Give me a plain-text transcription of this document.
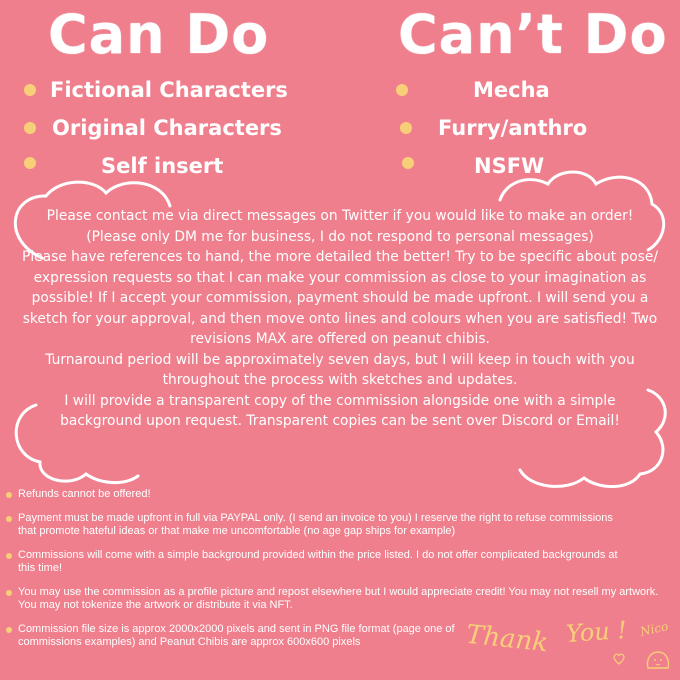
Can Do Can’t Do
Fictional Characters
Original Characters
Self insert
Mecha
Furry/anthro
NSFW

Please contact me via direct messages on Twitter if you would like to make an order! (Please only DM me for business, I do not respond to personal messages)

Please have references to hand, the more detailed the better! Try to be specific about pose/ expression requests so that I can make your commission as close to your imagination as possible! If I accept your commission, payment should be made upfront. I will send you a sketch for your approval, and then move onto lines and colours when you are satisfied! Two revisions MAX are offered on peanut chibis.

Turnaround period will be approximately seven days, but I will keep in touch with you throughout the process with sketches and updates.

I will provide a transparent copy of the commission alongside one with a simple background upon request. Transparent copies can be sent over Discord or Email!

Refunds cannot be offered!
Payment must be made upfront in full via PAYPAL only. (I send an invoice to you) I reserve the right to refuse commissions that promote hateful ideas or that make me uncomfortable (no age gap ships for example)
Commissions will come with a simple background provided within the price listed. I do not offer complicated backgrounds at this time!
You may use the commission as a profile picture and repost elsewhere but I would appreciate credit! You may not resell my artwork. You may not tokenize the artwork or distribute it via NFT.
Commission file size is approx 2000x2000 pixels and sent in PNG file format (page one of commissions examples) and Peanut Chibis are approx 600x600 pixels	Thank You ! Nico
